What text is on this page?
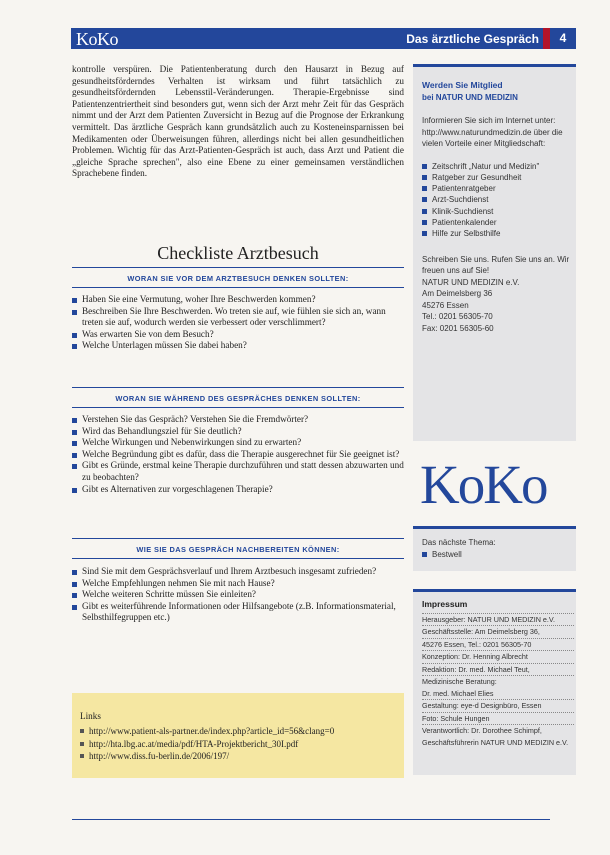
KoKo	Das ärztliche Gespräch	4

kontrolle verspüren. Die Patientenberatung durch den Hausarzt in Bezug auf gesundheitsförderndes Verhalten ist wirksam und führt tatsächlich zu gesundheitsfördernden Lebensstil-Veränderungen. Therapie-Ergebnisse sind Patientenzentriertheit sind besonders gut, wenn sich der Arzt mehr Zeit für das Gespräch nimmt und der Arzt dem Patienten Zuversicht in Bezug auf die Prognose der Erkrankung vermittelt. Das ärztliche Gespräch kann grundsätzlich auch zu Kosteneinsparnissen bei Medikamenten oder Überweisungen führen, allerdings nicht bei allen gesundheitlichen Problemen. Wichtig für das Arzt-Patienten-Gespräch ist auch, dass Arzt und Patient die „gleiche Sprache sprechen", also eine Ebene zu einer gemeinsamen verständlichen Sprachebene finden.

Checkliste Arztbesuch
WORAN SIE VOR DEM ARZTBESUCH DENKEN SOLLTEN:
Haben Sie eine Vermutung, woher Ihre Beschwerden kommen?
Beschreiben Sie Ihre Beschwerden. Wo treten sie auf, wie fühlen sie sich an, wann treten sie auf, wodurch werden sie verbessert oder verschlimmert?
Was erwarten Sie von dem Besuch?
Welche Unterlagen müssen Sie dabei haben?
WORAN SIE WÄHREND DES GESPRÄCHES DENKEN SOLLTEN:
Verstehen Sie das Gespräch? Verstehen Sie die Fremdwörter?
Wird das Behandlungsziel für Sie deutlich?
Welche Wirkungen und Nebenwirkungen sind zu erwarten?
Welche Begründung gibt es dafür, dass die Therapie ausgerechnet für Sie geeignet ist?
Gibt es Gründe, erstmal keine Therapie durchzuführen und statt dessen abzuwarten und zu beobachten?
Gibt es Alternativen zur vorgeschlagenen Therapie?
WIE SIE DAS GESPRÄCH NACHBEREITEN KÖNNEN:
Sind Sie mit dem Gesprächsverlauf und Ihrem Arztbesuch insgesamt zufrieden?
Welche Empfehlungen nehmen Sie mit nach Hause?
Welche weiteren Schritte müssen Sie einleiten?
Gibt es weiterführende Informationen oder Hilfsangebote (z.B. Informationsmaterial, Selbsthilfegruppen etc.)
Links
http://www.patient-als-partner.de/index.php?article_id=56&clang=0
http://hta.lbg.ac.at/media/pdf/HTA-Projektbericht_30I.pdf
http://www.diss.fu-berlin.de/2006/197/
Werden Sie Mitglied
bei NATUR UND MEDIZIN
Informieren Sie sich im Internet unter: http://www.naturundmedizin.de über die vielen Vorteile einer Mitgliedschaft:
Zeitschrift „Natur und Medizin"
Ratgeber zur Gesundheit
Patientenratgeber
Arzt-Suchdienst
Klinik-Suchdienst
Patientenkalender
Hilfe zur Selbsthilfe
Schreiben Sie uns. Rufen Sie uns an. Wir freuen uns auf Sie!
NATUR UND MEDIZIN e.V.
Am Deimelsberg 36
45276 Essen
Tel.: 0201 56305-70
Fax: 0201 56305-60
KoKo
Das nächste Thema:
Bestwell
Impressum
Herausgeber: NATUR UND MEDIZIN e.V.
Geschäftsstelle: Am Deimelsberg 36,
45276 Essen, Tel.: 0201 56305-70
Konzeption: Dr. Henning Albrecht
Redaktion: Dr. med. Michael Teut,
Medizinische Beratung:
Dr. med. Michael Elies
Gestaltung: eye-d Designbüro, Essen
Foto: Schule Hungen
Verantwortlich: Dr. Dorothee Schimpf,
Geschäftsführerin NATUR UND MEDIZIN e.V.
